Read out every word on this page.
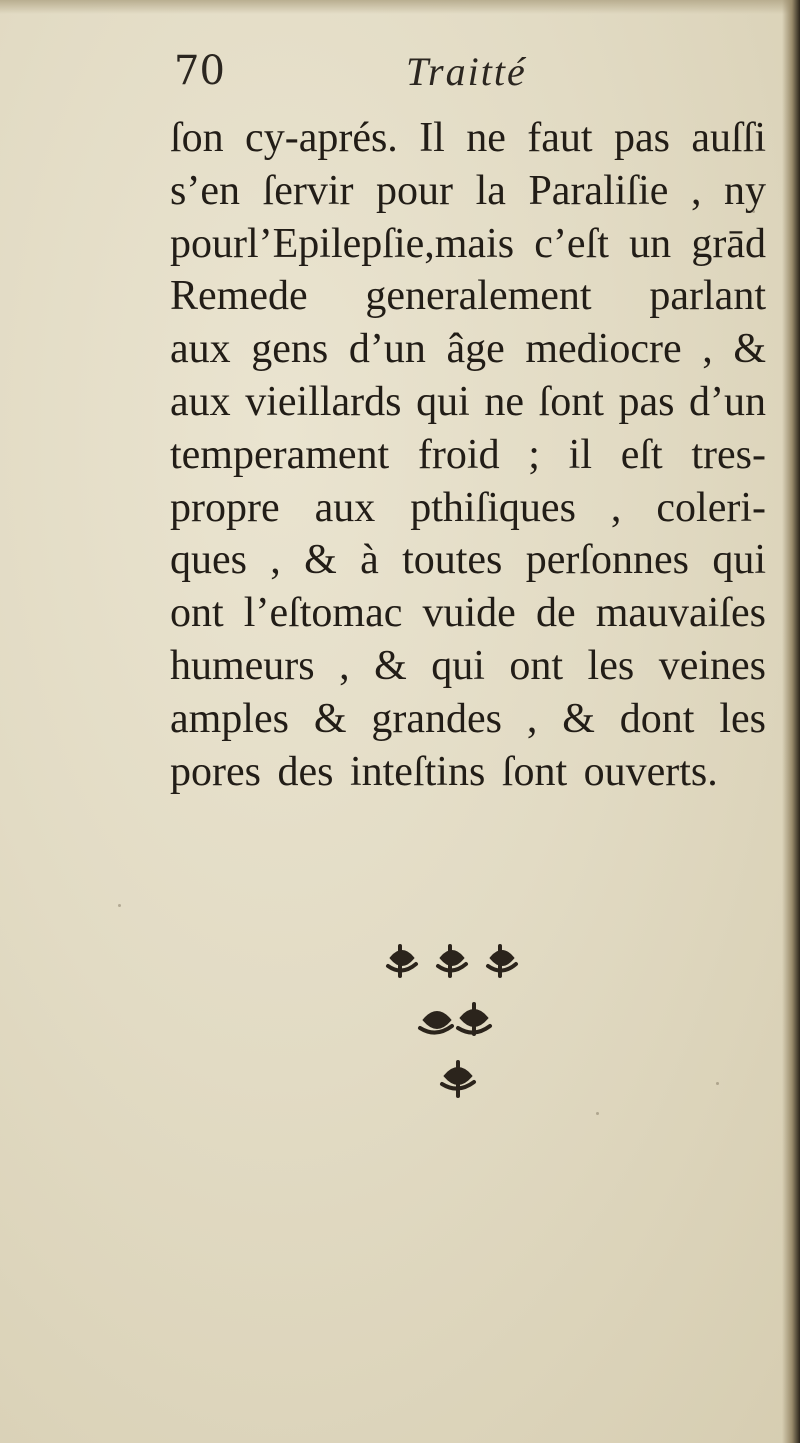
70	Traitté
ſon cy-aprés. Il ne faut pas auſſi
s’en ſervir pour la Paraliſie , ny
pourl’Epilepſie,mais c’eſt un grād
Remede generalement parlant
aux gens d’un âge mediocre , &
aux vieillards qui ne ſont pas d’un
temperament froid ; il eſt tres-
propre aux pthiſiques , coleri-
ques , & à toutes perſonnes qui
ont l’eſtomac vuide de mauvaiſes
humeurs , & qui ont les veines
amples & grandes , & dont les
pores des inteſtins ſont ouverts.
